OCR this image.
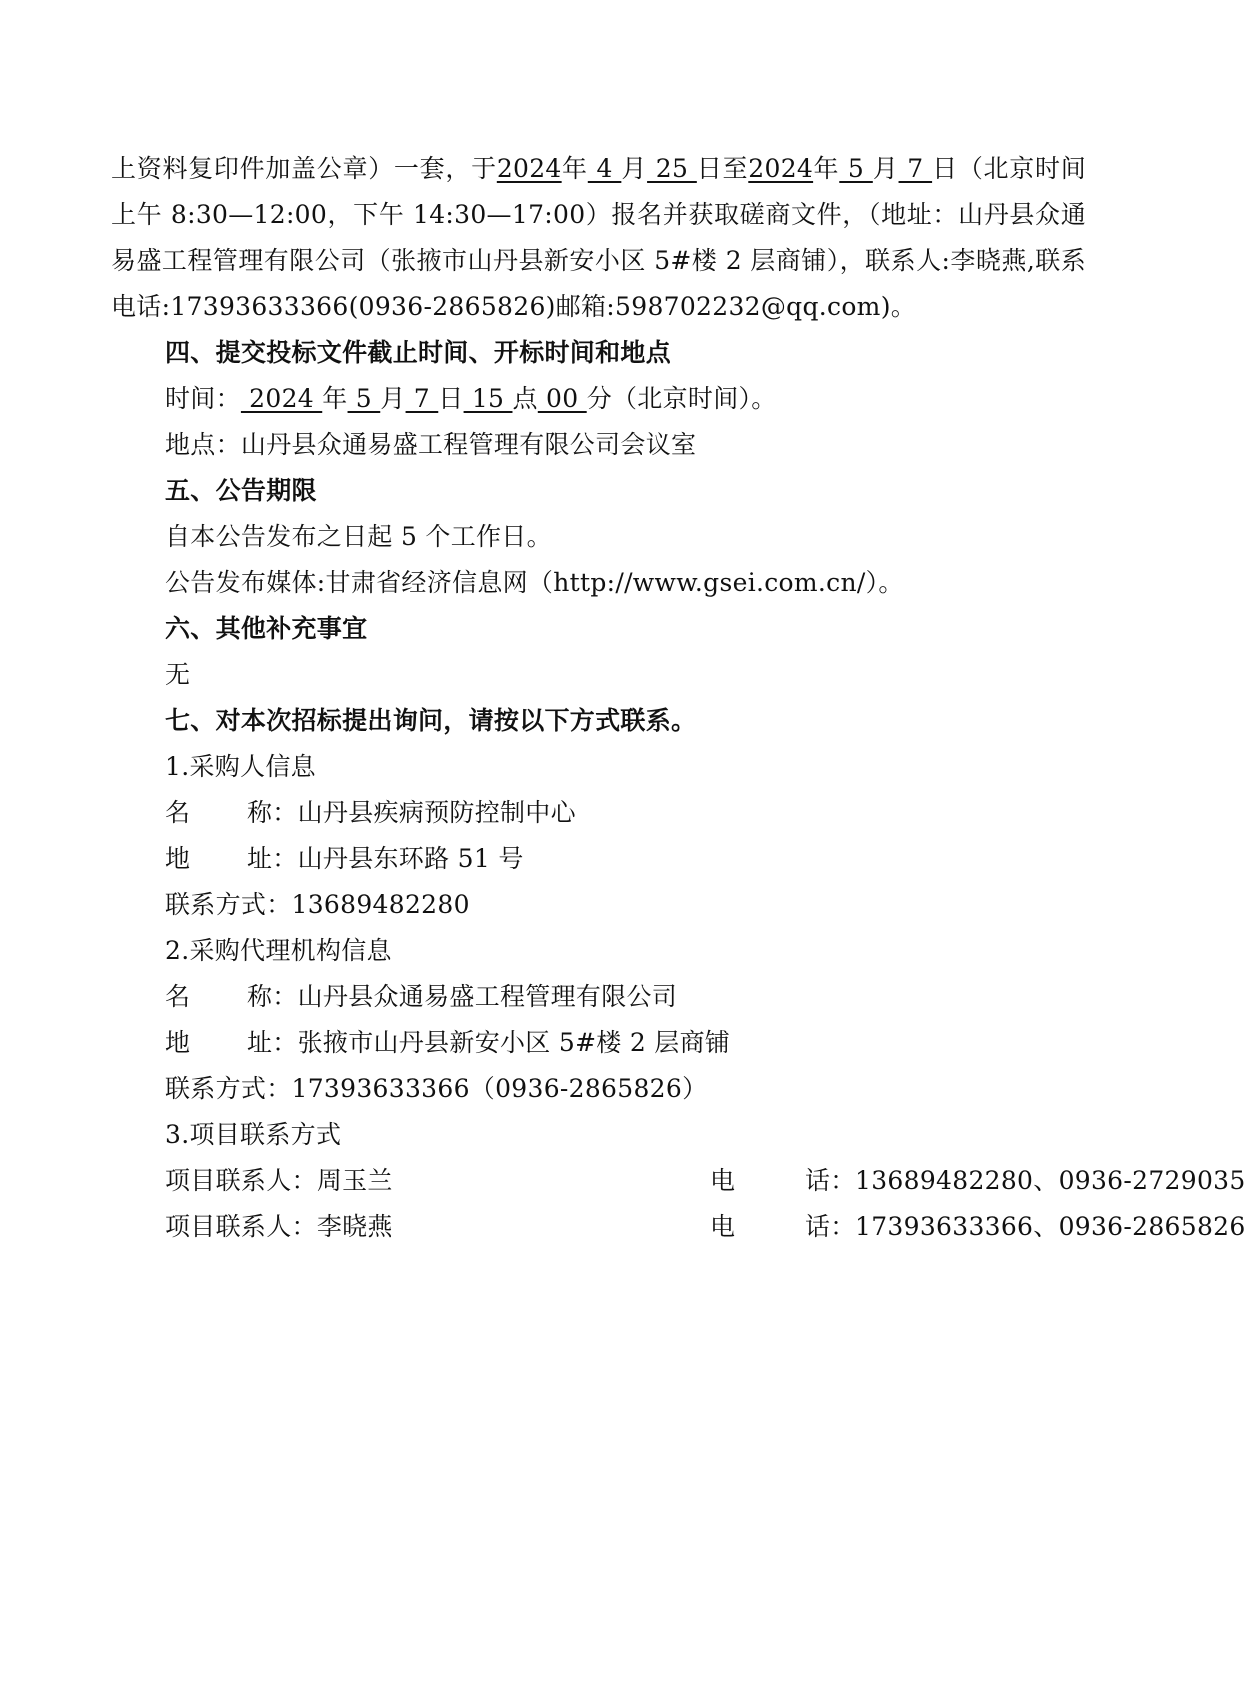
上资料复印件加盖公章）一套，于2024年 4 月 25 日至2024年 5 月 7 日（北京时间上午 8:30—12:00，下午 14:30—17:00）报名并获取磋商文件，（地址：山丹县众通易盛工程管理有限公司（张掖市山丹县新安小区 5#楼 2 层商铺），联系人:李晓燕,联系电话:17393633366(0936-2865826)邮箱:598702232@qq.com)。
四、提交投标文件截止时间、开标时间和地点
时间： 2024 年 5 月 7 日 15 点 00 分（北京时间）。
地点：山丹县众通易盛工程管理有限公司会议室
五、公告期限
自本公告发布之日起 5 个工作日。
公告发布媒体:甘肃省经济信息网（http://www.gsei.com.cn/）。
六、其他补充事宜
无
七、对本次招标提出询问，请按以下方式联系。
1.采购人信息
名 称：山丹县疾病预防控制中心
地 址：山丹县东环路 51 号
联系方式：13689482280
2.采购代理机构信息
名 称：山丹县众通易盛工程管理有限公司
地 址：张掖市山丹县新安小区 5#楼 2 层商铺
联系方式：17393633366（0936-2865826）
3.项目联系方式
项目联系人：周玉兰	电	话： 13689482280、0936-2729035
项目联系人：李晓燕	电	话： 17393633366、0936-2865826
